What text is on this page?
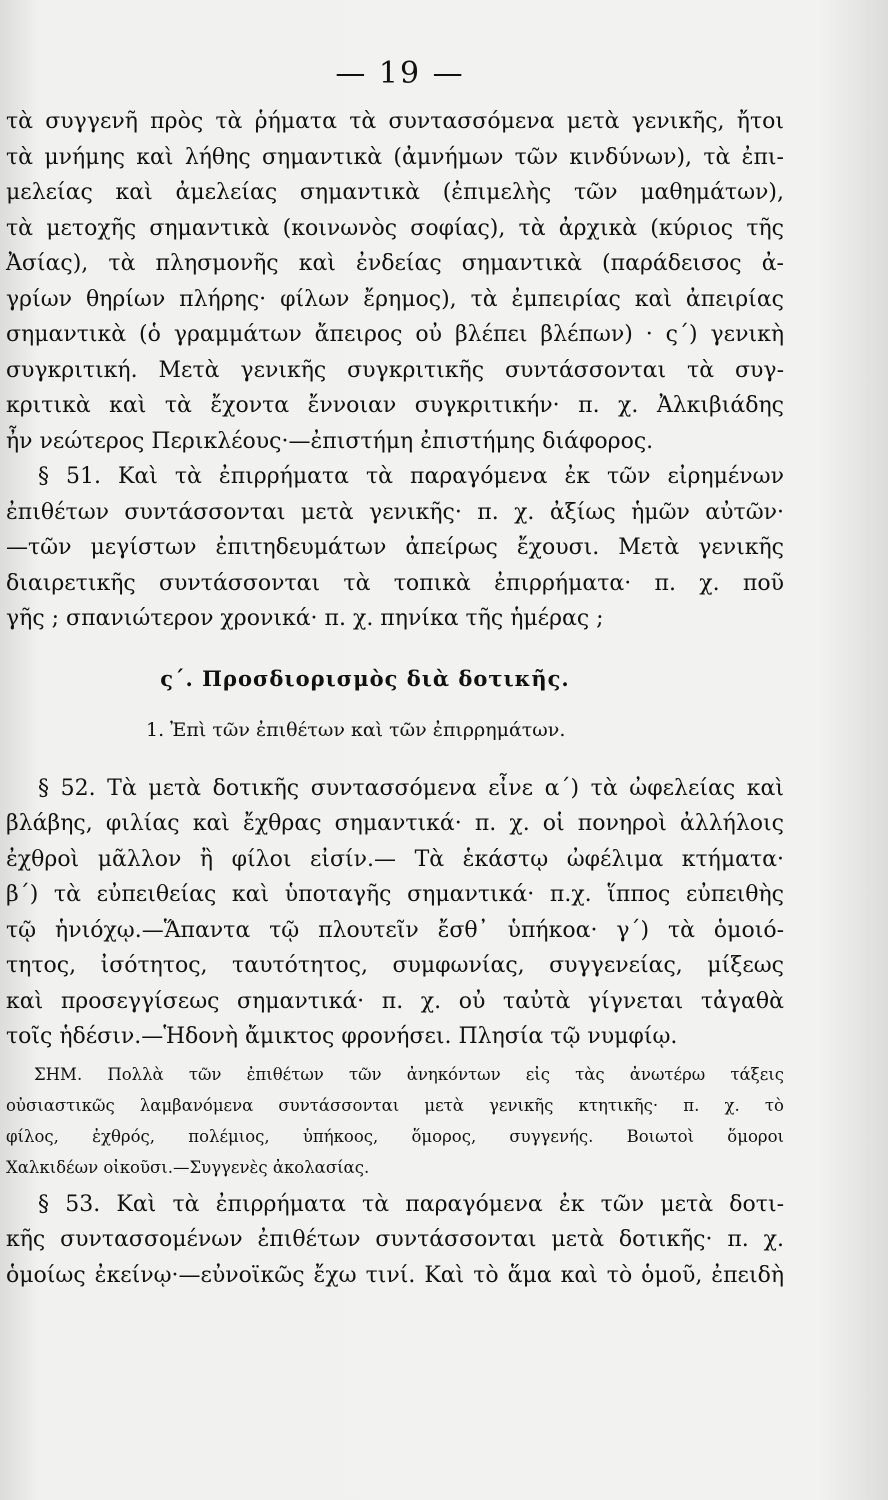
— 19 —
τὰ συγγενῆ πρὸς τὰ ῥήματα τὰ συντασσόμενα μετὰ γενικῆς, ἤτοι
τὰ μνήμης καὶ λήθης σημαντικὰ (ἀμνήμων τῶν κινδύνων), τὰ ἐπι-
μελείας καὶ ἀμελείας σημαντικὰ (ἐπιμελὴς τῶν μαθημάτων),
τὰ μετοχῆς σημαντικὰ (κοινωνὸς σοφίας), τὰ ἀρχικὰ (κύριος τῆς
Ἀσίας), τὰ πλησμονῆς καὶ ἐνδείας σημαντικὰ (παράδεισος ἀ-
γρίων θηρίων πλήρης· φίλων ἔρημος), τὰ ἐμπειρίας καὶ ἀπειρίας
σημαντικὰ (ὁ γραμμάτων ἄπειρος οὐ βλέπει βλέπων) · ς΄) γενικὴ
συγκριτική. Μετὰ γενικῆς συγκριτικῆς συντάσσονται τὰ συγ-
κριτικὰ καὶ τὰ ἔχοντα ἔννοιαν συγκριτικήν· π. χ. Ἀλκιβιάδης
ἦν νεώτερος Περικλέους·—ἐπιστήμη ἐπιστήμης διάφορος.
§ 51. Καὶ τὰ ἐπιρρήματα τὰ παραγόμενα ἐκ τῶν εἰρημένων
ἐπιθέτων συντάσσονται μετὰ γενικῆς· π. χ. ἀξίως ἡμῶν αὐτῶν·
—τῶν μεγίστων ἐπιτηδευμάτων ἀπείρως ἔχουσι. Μετὰ γενικῆς
διαιρετικῆς συντάσσονται τὰ τοπικὰ ἐπιρρήματα· π. χ. ποῦ
γῆς ; σπανιώτερον χρονικά· π. χ. πηνίκα τῆς ἡμέρας ;
ς΄. Προσδιορισμὸς διὰ δοτικῆς.
1. Ἐπὶ τῶν ἐπιθέτων καὶ τῶν ἐπιρρημάτων.
§ 52. Τὰ μετὰ δοτικῆς συντασσόμενα εἶνε α΄) τὰ ὠφελείας καὶ
βλάβης, φιλίας καὶ ἔχθρας σημαντικά· π. χ. οἱ πονηροὶ ἀλλήλοις
ἐχθροὶ μᾶλλον ἢ φίλοι εἰσίν.— Τὰ ἑκάστῳ ὠφέλιμα κτήματα·
β΄) τὰ εὐπειθείας καὶ ὑποταγῆς σημαντικά· π.χ. ἵππος εὐπειθὴς
τῷ ἡνιόχῳ.—Ἅπαντα τῷ πλουτεῖν ἔσθ᾽ ὑπήκοα· γ΄) τὰ ὁμοιό-
τητος, ἰσότητος, ταυτότητος, συμφωνίας, συγγενείας, μίξεως
καὶ προσεγγίσεως σημαντικά· π. χ. οὐ ταὐτὰ γίγνεται τἀγαθὰ
τοῖς ἡδέσιν.—Ἡδονὴ ἄμικτος φρονήσει. Πλησία τῷ νυμφίῳ.
ΣΗΜ. Πολλὰ τῶν ἐπιθέτων τῶν ἀνηκόντων εἰς τὰς ἀνωτέρω τάξεις
οὐσιαστικῶς λαμβανόμενα συντάσσονται μετὰ γενικῆς κτητικῆς· π. χ. τὸ
φίλος, ἐχθρός, πολέμιος, ὑπήκοος, ὅμορος, συγγενής. Βοιωτοὶ ὅμοροι
Χαλκιδέων οἰκοῦσι.—Συγγενὲς ἀκολασίας.
§ 53. Καὶ τὰ ἐπιρρήματα τὰ παραγόμενα ἐκ τῶν μετὰ δοτι-
κῆς συντασσομένων ἐπιθέτων συντάσσονται μετὰ δοτικῆς· π. χ.
ὁμοίως ἐκείνῳ·—εὐνοϊκῶς ἔχω τινί. Καὶ τὸ ἅμα καὶ τὸ ὁμοῦ, ἐπειδὴ
